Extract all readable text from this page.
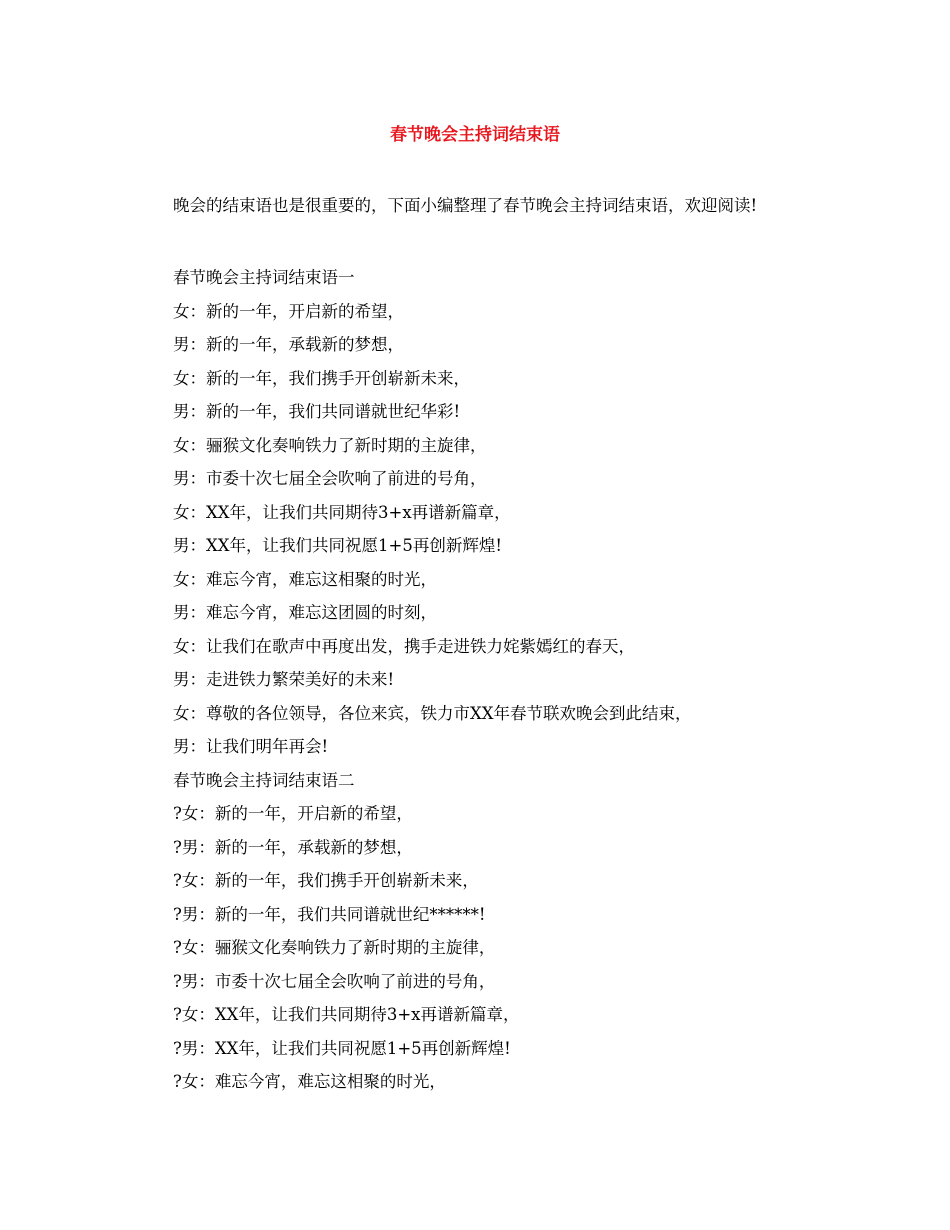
春节晚会主持词结束语

晚会的结束语也是很重要的，下面小编整理了春节晚会主持词结束语，欢迎阅读!

春节晚会主持词结束语一
女：新的一年，开启新的希望，
男：新的一年，承载新的梦想，
女：新的一年，我们携手开创崭新未来，
男：新的一年，我们共同谱就世纪华彩!
女：骊猴文化奏响铁力了新时期的主旋律，
男：市委十次七届全会吹响了前进的号角，
女：XX年，让我们共同期待3+x再谱新篇章，
男：XX年，让我们共同祝愿1+5再创新辉煌!
女：难忘今宵，难忘这相聚的时光，
男：难忘今宵，难忘这团圆的时刻，
女：让我们在歌声中再度出发，携手走进铁力姹紫嫣红的春天，
男：走进铁力繁荣美好的未来!
女：尊敬的各位领导，各位来宾，铁力市XX年春节联欢晚会到此结束，
男：让我们明年再会!
春节晚会主持词结束语二
?女：新的一年，开启新的希望，
?男：新的一年，承载新的梦想，
?女：新的一年，我们携手开创崭新未来，
?男：新的一年，我们共同谱就世纪******!
?女：骊猴文化奏响铁力了新时期的主旋律，
?男：市委十次七届全会吹响了前进的号角，
?女：XX年，让我们共同期待3+x再谱新篇章，
?男：XX年，让我们共同祝愿1+5再创新辉煌!
?女：难忘今宵，难忘这相聚的时光，
